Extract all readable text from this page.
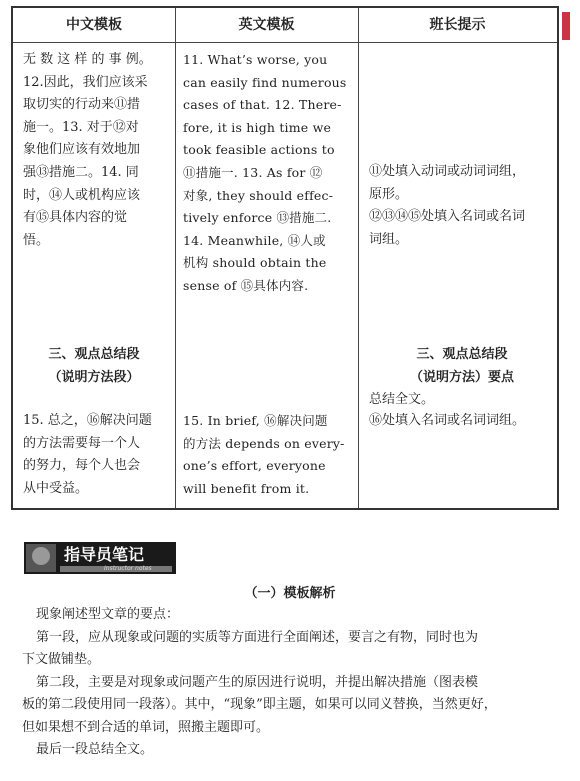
中文模板	英文模板	班长提示
无 数 这 样 的 事 例。
12.因此，我们应该采
取切实的行动来⑪措
施一。13. 对于⑫对
象他们应该有效地加
强⑬措施二。14. 同
时，⑭人或机构应该
有⑮具体内容的觉
悟。
11. What’s worse, you
can easily find numerous
cases of that. 12. There-
fore, it is high time we
took feasible actions to
⑪措施一. 13. As for ⑫
对象, they should effec-
tively enforce ⑬措施二.
14. Meanwhile, ⑭人或
机构 should obtain the
sense of ⑮具体内容.
⑪处填入动词或动词词组，
原形。
⑫⑬⑭⑮处填入名词或名词
词组。
三、观点总结段
（说明方法段）
三、观点总结段
（说明方法）要点
总结全文。
15. 总之，⑯解决问题
的方法需要每一个人
的努力，每个人也会
从中受益。
15. In brief, ⑯解决问题
的方法 depends on every-
one’s effort, everyone
will benefit from it.
⑯处填入名词或名词词组。
指导员笔记
Instructor notes
（一）模板解析
现象阐述型文章的要点：
第一段，应从现象或问题的实质等方面进行全面阐述，要言之有物，同时也为
下文做铺垫。
第二段，主要是对现象或问题产生的原因进行说明，并提出解决措施（图表模
板的第二段使用同一段落）。其中，“现象”即主题，如果可以同义替换，当然更好，
但如果想不到合适的单词，照搬主题即可。
最后一段总结全文。
